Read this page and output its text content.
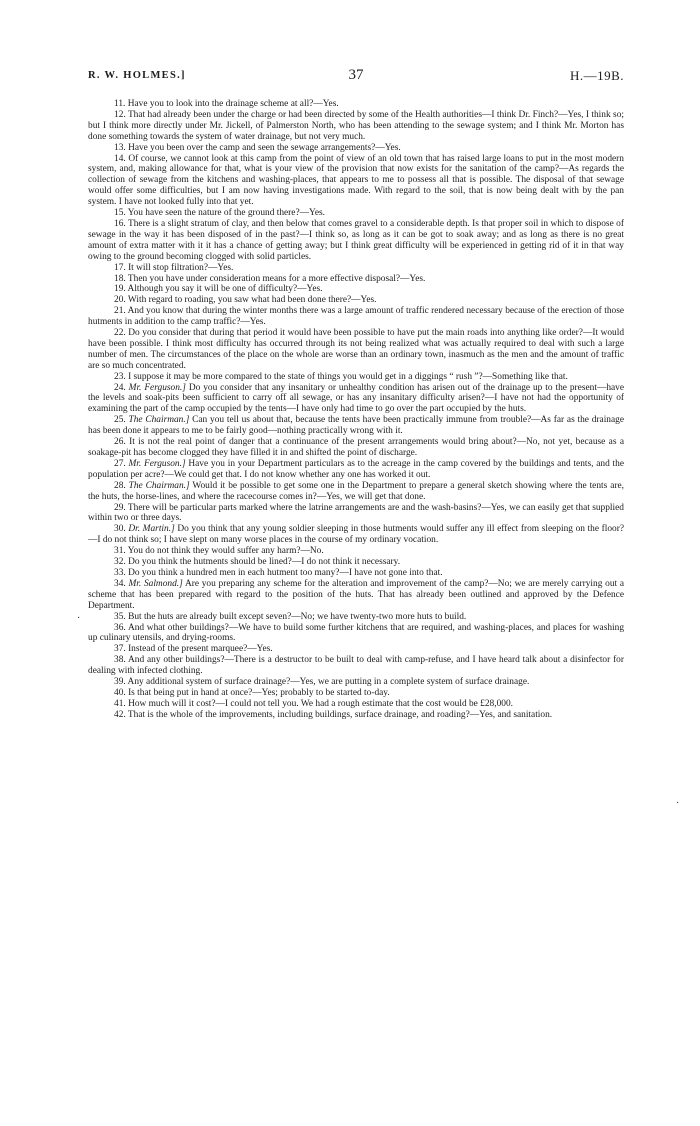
R. W. HOLMES.]	37	H.—19B.

11. Have you to look into the drainage scheme at all?—Yes.

12. That had already been under the charge or had been directed by some of the Health authorities—I think Dr. Finch?—Yes, I think so; but I think more directly under Mr. Jickell, of Palmerston North, who has been attending to the sewage system; and I think Mr. Morton has done something towards the system of water drainage, but not very much.

13. Have you been over the camp and seen the sewage arrangements?—Yes.

14. Of course, we cannot look at this camp from the point of view of an old town that has raised large loans to put in the most modern system, and, making allowance for that, what is your view of the provision that now exists for the sanitation of the camp?—As regards the collection of sewage from the kitchens and washing-places, that appears to me to possess all that is possible. The disposal of that sewage would offer some difficulties, but I am now having investigations made. With regard to the soil, that is now being dealt with by the pan system. I have not looked fully into that yet.

15. You have seen the nature of the ground there?—Yes.

16. There is a slight stratum of clay, and then below that comes gravel to a considerable depth. Is that proper soil in which to dispose of sewage in the way it has been disposed of in the past?—I think so, as long as it can be got to soak away; and as long as there is no great amount of extra matter with it it has a chance of getting away; but I think great difficulty will be experienced in getting rid of it in that way owing to the ground becoming clogged with solid particles.

17. It will stop filtration?—Yes.

18. Then you have under consideration means for a more effective disposal?—Yes.

19. Although you say it will be one of difficulty?—Yes.

20. With regard to roading, you saw what had been done there?—Yes.

21. And you know that during the winter months there was a large amount of traffic rendered necessary because of the erection of those hutments in addition to the camp traffic?—Yes.

22. Do you consider that during that period it would have been possible to have put the main roads into anything like order?—It would have been possible. I think most difficulty has occurred through its not being realized what was actually required to deal with such a large number of men. The circumstances of the place on the whole are worse than an ordinary town, inasmuch as the men and the amount of traffic are so much concentrated.

23. I suppose it may be more compared to the state of things you would get in a diggings “ rush ”?—Something like that.

24. Mr. Ferguson.] Do you consider that any insanitary or unhealthy condition has arisen out of the drainage up to the present—have the levels and soak-pits been sufficient to carry off all sewage, or has any insanitary difficulty arisen?—I have not had the opportunity of examining the part of the camp occupied by the tents—I have only had time to go over the part occupied by the huts.

25. The Chairman.] Can you tell us about that, because the tents have been practically immune from trouble?—As far as the drainage has been done it appears to me to be fairly good—nothing practically wrong with it.

26. It is not the real point of danger that a continuance of the present arrangements would bring about?—No, not yet, because as a soakage-pit has become clogged they have filled it in and shifted the point of discharge.

27. Mr. Ferguson.] Have you in your Department particulars as to the acreage in the camp covered by the buildings and tents, and the population per acre?—We could get that. I do not know whether any one has worked it out.

28. The Chairman.] Would it be possible to get some one in the Department to prepare a general sketch showing where the tents are, the huts, the horse-lines, and where the racecourse comes in?—Yes, we will get that done.

29. There will be particular parts marked where the latrine arrangements are and the wash-basins?—Yes, we can easily get that supplied within two or three days.

30. Dr. Martin.] Do you think that any young soldier sleeping in those hutments would suffer any ill effect from sleeping on the floor?—I do not think so; I have slept on many worse places in the course of my ordinary vocation.

31. You do not think they would suffer any harm?—No.

32. Do you think the hutments should be lined?—I do not think it necessary.

33. Do you think a hundred men in each hutment too many?—I have not gone into that.

34. Mr. Salmond.] Are you preparing any scheme for the alteration and improvement of the camp?—No; we are merely carrying out a scheme that has been prepared with regard to the position of the huts. That has already been outlined and approved by the Defence Department.

35. But the huts are already built except seven?—No; we have twenty-two more huts to build.

36. And what other buildings?—We have to build some further kitchens that are required, and washing-places, and places for washing up culinary utensils, and drying-rooms.

37. Instead of the present marquee?—Yes.

38. And any other buildings?—There is a destructor to be built to deal with camp-refuse, and I have heard talk about a disinfector for dealing with infected clothing.

39. Any additional system of surface drainage?—Yes, we are putting in a complete system of surface drainage.

40. Is that being put in hand at once?—Yes; probably to be started to-day.

41. How much will it cost?—I could not tell you. We had a rough estimate that the cost would be £28,000.

42. That is the whole of the improvements, including buildings, surface drainage, and roading?—Yes, and sanitation.

·
·
